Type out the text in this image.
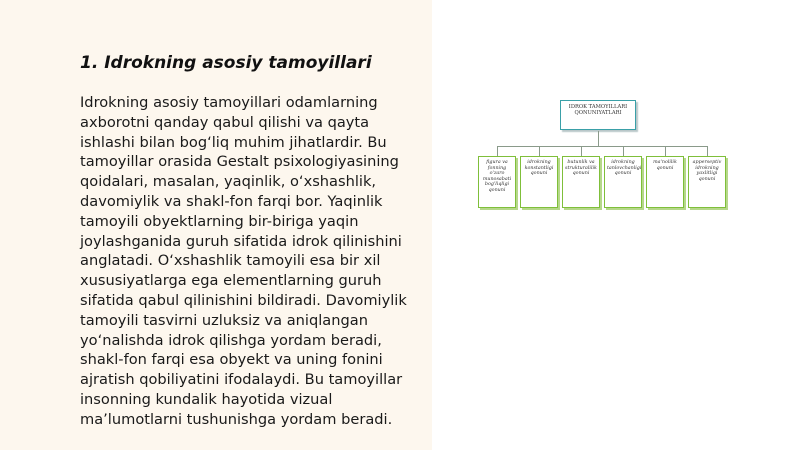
1. Idrokning asosiy tamoyillari

Idrokning asosiy tamoyillari odamlarning axborotni qanday qabul qilishi va qayta ishlashi bilan bog‘liq muhim jihatlardir. Bu tamoyillar orasida Gestalt psixologiyasining qoidalari, masalan, yaqinlik, o‘xshashlik, davomiylik va shakl-fon farqi bor. Yaqinlik tamoyili obyektlarning bir-biriga yaqin joylashganida guruh sifatida idrok qilinishini anglatadi. O‘xshashlik tamoyili esa bir xil xususiyatlarga ega elementlarning guruh sifatida qabul qilinishini bildiradi. Davomiylik tamoyili tasvirni uzluksiz va aniqlangan yo‘nalishda idrok qilishga yordam beradi, shakl-fon farqi esa obyekt va uning fonini ajratish qobiliyatini ifodalaydi. Bu tamoyillar insonning kundalik hayotida vizual ma’lumotlarni tushunishga yordam beradi.

IDROK TAMOYILLARI QONUNIYATLARI
figura va fonning o'zaro munosabati bog'liqligi qonuni
idrokning konstantligi qonuni
butunlik va strukturalilik qonuni
idrokning tanlovchanligi qonuni
ma'nolilik qonuni
apperseptiv idrokning yaxlitligi qonuni
